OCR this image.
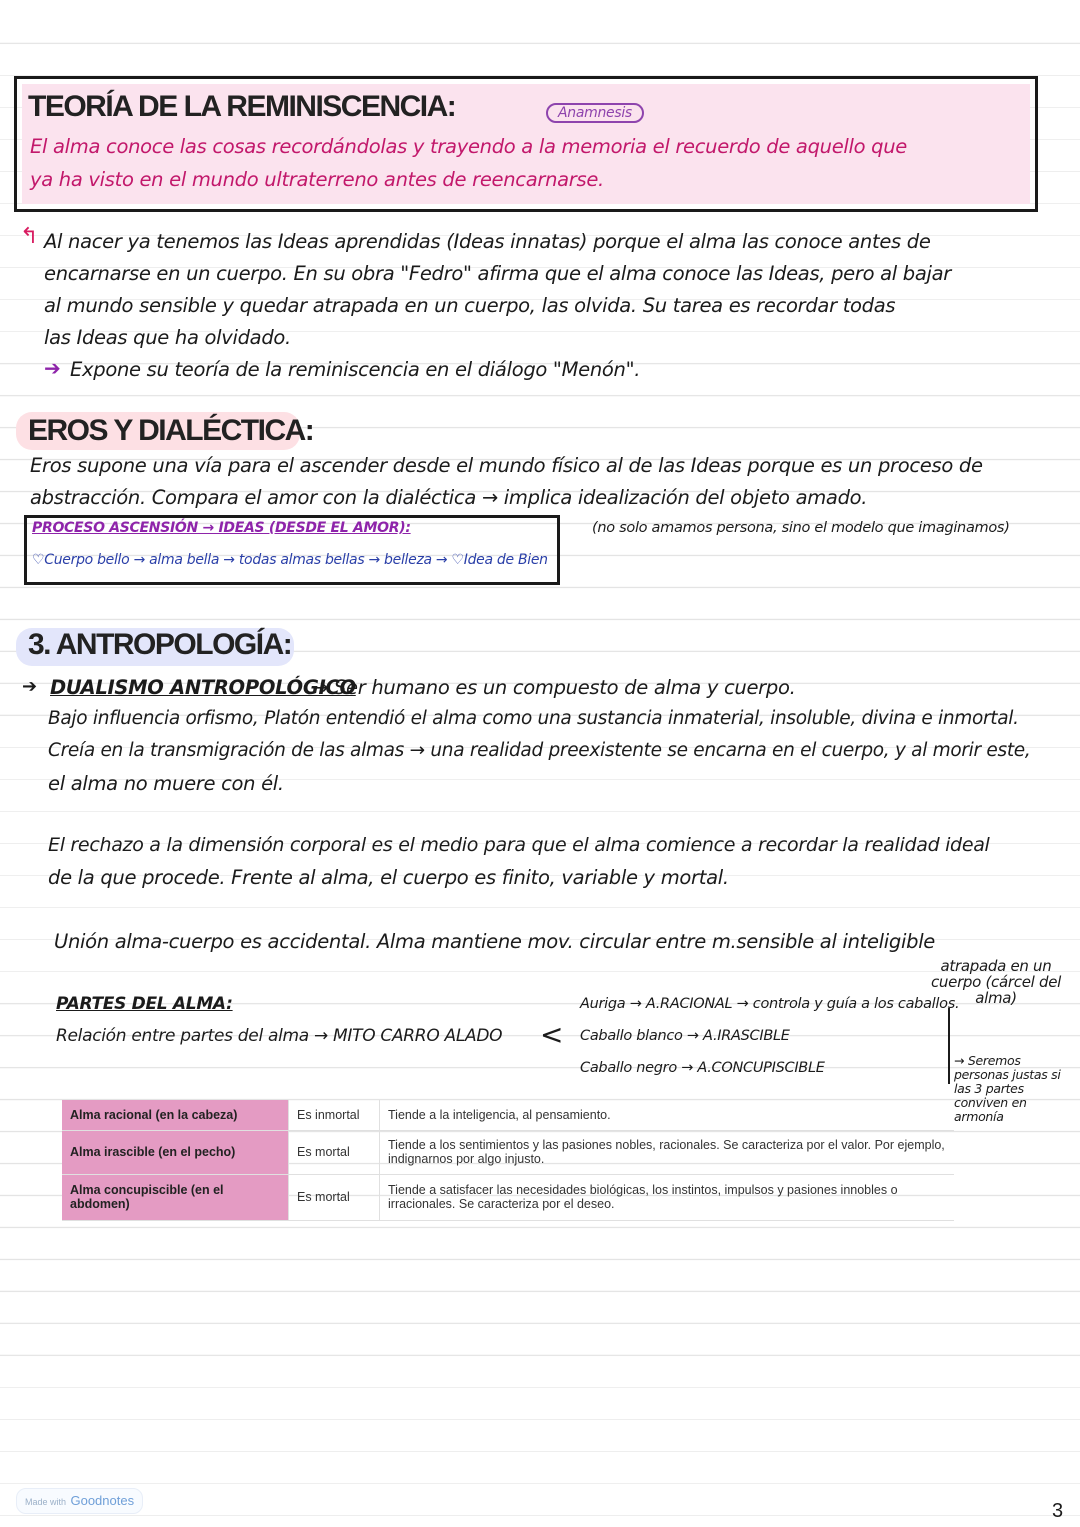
TEORÍA DE LA REMINISCENCIA:	Anamnesis
El alma conoce las cosas recordándolas y trayendo a la memoria el recuerdo de aquello que
ya ha visto en el mundo ultraterreno antes de reencarnarse.
↰ Al nacer ya tenemos las Ideas aprendidas (Ideas innatas) porque el alma las conoce antes de
encarnarse en un cuerpo. En su obra "Fedro" afirma que el alma conoce las Ideas, pero al bajar
al mundo sensible y quedar atrapada en un cuerpo, las olvida. Su tarea es recordar todas
las Ideas que ha olvidado.
➔ Expone su teoría de la reminiscencia en el diálogo "Menón".
EROS Y DIALÉCTICA:
Eros supone una vía para el ascender desde el mundo físico al de las Ideas porque es un proceso de
abstracción. Compara el amor con la dialéctica → implica idealización del objeto amado.
PROCESO ASCENSIÓN → IDEAS (DESDE EL AMOR):
♡Cuerpo bello → alma bella → todas almas bellas → belleza → ♡Idea de Bien
(no solo amamos persona, sino el modelo que imaginamos)
3. ANTROPOLOGÍA:
➔ DUALISMO ANTROPOLÓGICO
→ Ser humano es un compuesto de alma y cuerpo.
Bajo influencia orfismo, Platón entendió el alma como una sustancia inmaterial, insoluble, divina e inmortal.
Creía en la transmigración de las almas → una realidad preexistente se encarna en el cuerpo, y al morir este,
el alma no muere con él.
El rechazo a la dimensión corporal es el medio para que el alma comience a recordar la realidad ideal
de la que procede. Frente al alma, el cuerpo es finito, variable y mortal.
Unión alma-cuerpo es accidental. Alma mantiene mov. circular entre m.sensible al inteligible
atrapada en un cuerpo (cárcel del alma)
PARTES DEL ALMA:
Relación entre partes del alma → MITO CARRO ALADO <
Auriga → A.RACIONAL → controla y guía a los caballos.
Caballo blanco → A.IRASCIBLE
Caballo negro → A.CONCUPISCIBLE	→ Seremos personas justas si las 3 partes conviven en armonía
Alma racional (en la cabeza)	Es inmortal	Tiende a la inteligencia, al pensamiento.
Alma irascible (en el pecho)	Es mortal	Tiende a los sentimientos y las pasiones nobles, racionales. Se caracteriza por el valor. Por ejemplo, indignarnos por algo injusto.
Alma concupiscible (en el abdomen)	Es mortal	Tiende a satisfacer las necesidades biológicas, los instintos, impulsos y pasiones innobles o irracionales. Se caracteriza por el deseo.
Made with Goodnotes	3
